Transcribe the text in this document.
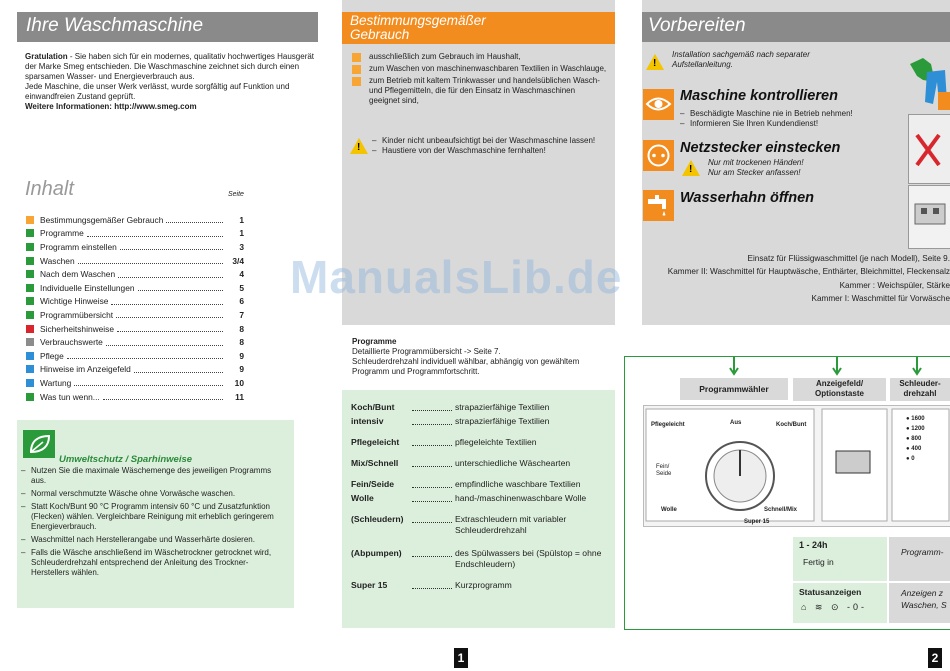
Ihre Waschmaschine
Gratulation - Sie haben sich für ein modernes, qualitativ hochwertiges Hausgerät der Marke Smeg entschieden. Die Waschmaschine zeichnet sich durch einen sparsamen Wasser- und Energieverbrauch aus.
Jede Maschine, die unser Werk verlässt, wurde sorgfältig auf Funktion und einwandfreien Zustand geprüft.
Weitere Informationen: http://www.smeg.com
Inhalt	Seite
Bestimmungsgemäßer Gebrauch	1
Programme	1
Programm einstellen	3
Waschen	3/4
Nach dem Waschen	4
Individuelle Einstellungen	5
Wichtige Hinweise	6
Programmübersicht	7
Sicherheitshinweise	8
Verbrauchswerte	8
Pflege	9
Hinweise im Anzeigefeld	9
Wartung	10
Was tun wenn...	11
Umweltschutz / Sparhinweise
– Nutzen Sie die maximale Wäschemenge des jeweiligen Programms aus.
– Normal verschmutzte Wäsche ohne Vorwäsche waschen.
– Statt Koch/Bunt 90 °C Programm intensiv 60 °C und Zusatzfunktion (Flecken) wählen. Vergleichbare Reinigung mit erheblich geringerem Energieverbrauch.
– Waschmittel nach Herstellerangabe und Wasserhärte dosieren.
– Falls die Wäsche anschließend im Wäschetrockner getrocknet wird, Schleuderdrehzahl entsprechend der Anleitung des Trockner-Herstellers wählen.
1
Bestimmungsgemäßer Gebrauch
ausschließlich zum Gebrauch im Haushalt,
zum Waschen von maschinenwaschbaren Textilien in Waschlauge,
zum Betrieb mit kaltem Trinkwasser und handelsüblichen Wasch- und Pflegemitteln, die für den Einsatz in Waschmaschinen geeignet sind,
!
– Kinder nicht unbeaufsichtigt bei der Waschmaschine lassen!
– Haustiere von der Waschmaschine fernhalten!
Programme
Detaillierte Programmübersicht -> Seite 7.
Schleuderdrehzahl individuell wählbar, abhängig von gewähltem Programm und Programmfortschritt.
Koch/Bunt	strapazierfähige Textilien
intensiv	strapazierfähige Textilien
Pflegeleicht	pflegeleichte Textilien
Mix/Schnell	unterschiedliche Wäschearten
Fein/Seide	empfindliche waschbare Textilien
Wolle	hand-/maschinenwaschbare Wolle
(Schleudern)	Extraschleudern mit variabler Schleuderdrehzahl
(Abpumpen)	des Spülwassers bei (Spülstop = ohne Endschleudern)
Super 15	Kurzprogramm
Vorbereiten
!
Installation sachgemäß nach separater Aufstellanleitung.
Maschine kontrollieren
– Beschädigte Maschine nie in Betrieb nehmen!
– Informieren Sie Ihren Kundendienst!
Netzstecker einstecken
!
Nur mit trockenen Händen!
Nur am Stecker anfassen!
Wasserhahn öffnen
Einsatz für Flüssigwaschmittel (je nach Modell), Seite 9.
Kammer II: Waschmittel für Hauptwäsche, Enthärter, Bleichmittel, Fleckensalz
Kammer : Weichspüler, Stärke
Kammer I: Waschmittel für Vorwäsche
Programmwähler
Anzeigefeld/ Optionstaste
Schleuder-drehzahl
Pflegeleicht	Aus	Koch/Bunt
Fein/ Seide
Wolle	Schnell/Mix
Super 15
● 1600
● 1200
● 800
● 400
● 0
1 - 24h
Fertig in
Programm-
Statusanzeigen
⌂ ≋ ⊙ -0-
Anzeigen z Waschen, S
2
ManualsLib.de
